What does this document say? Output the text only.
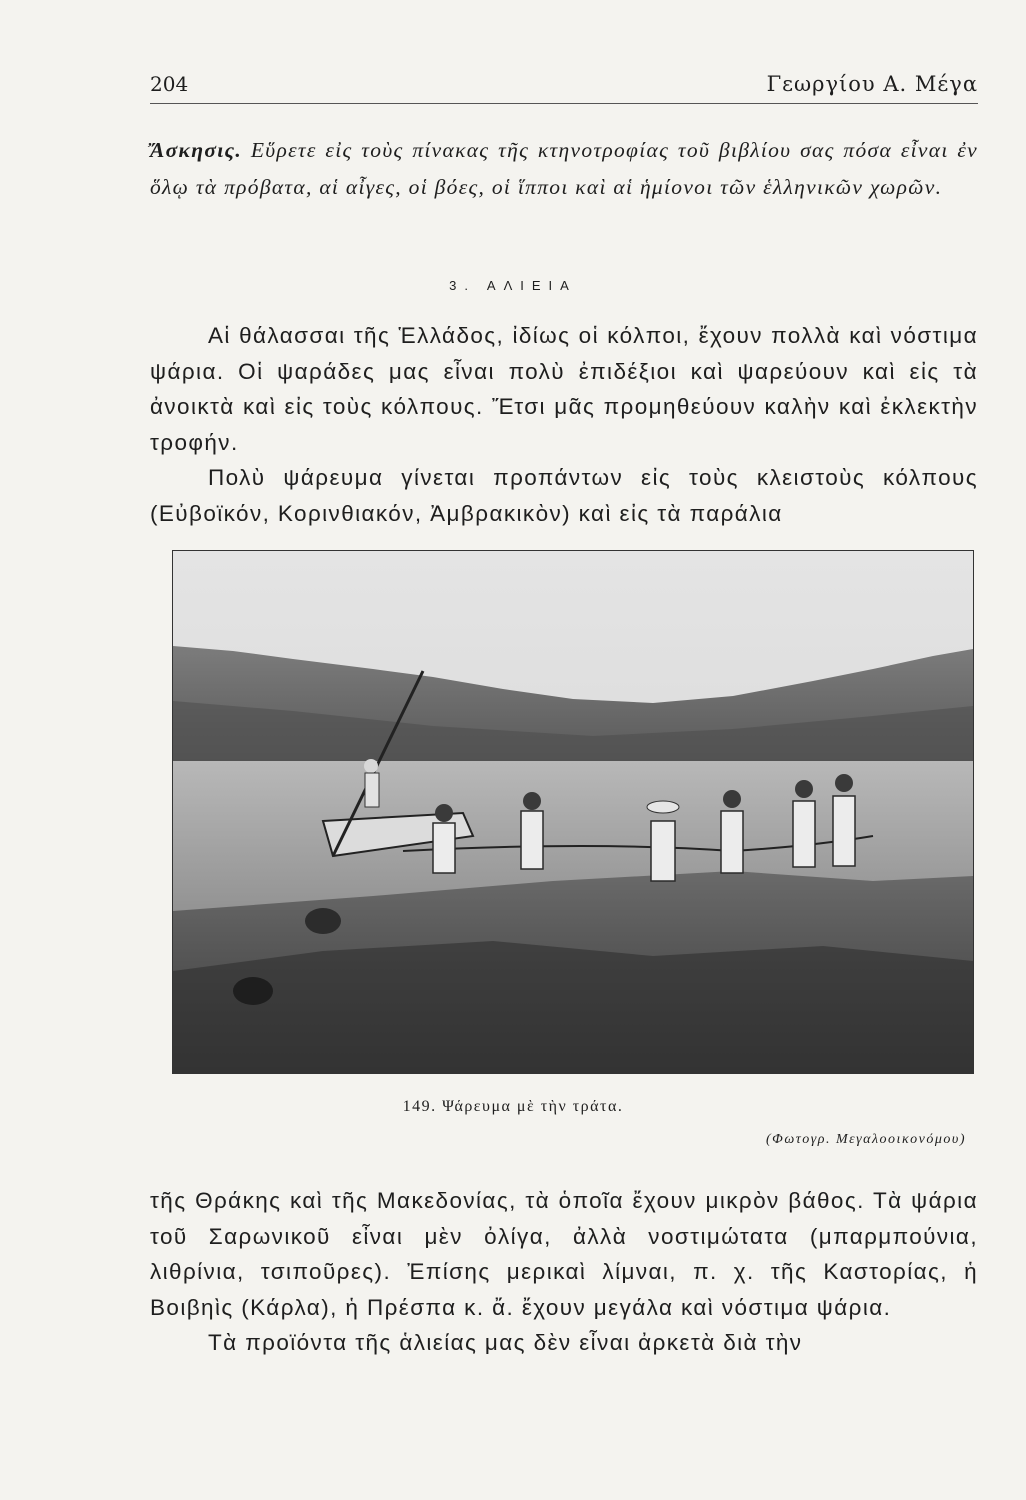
204	Γεωργίου Α. Μέγα
Ἄσκησις. Εὕρετε εἰς τοὺς πίνακας τῆς κτηνοτροφίας τοῦ βιβλίου σας πόσα εἶναι ἐν ὅλῳ τὰ πρόβατα, αἱ αἶγες, οἱ βόες, οἱ ἵπποι καὶ αἱ ἡμίονοι τῶν ἑλληνικῶν χωρῶν.
3. ΑΛΙΕΙΑ

Αἱ θάλασσαι τῆς Ἑλλάδος, ἰδίως οἱ κόλποι, ἔχουν πολλὰ καὶ νόστιμα ψάρια. Οἱ ψαράδες μας εἶναι πολὺ ἐπιδέξιοι καὶ ψαρεύουν καὶ εἰς τὰ ἀνοικτὰ καὶ εἰς τοὺς κόλπους. Ἔτσι μᾶς προμηθεύουν καλὴν καὶ ἐκλεκτὴν τροφήν.

Πολὺ ψάρευμα γίνεται προπάντων εἰς τοὺς κλειστοὺς κόλπους (Εὐβοϊκόν, Κορινθιακόν, Ἀμβρακικὸν) καὶ εἰς τὰ παράλια

149. Ψάρευμα μὲ τὴν τράτα.
(Φωτογρ. Μεγαλοοικονόμου)

τῆς Θράκης καὶ τῆς Μακεδονίας, τὰ ὁποῖα ἔχουν μικρὸν βάθος. Τὰ ψάρια τοῦ Σαρωνικοῦ εἶναι μὲν ὀλίγα, ἀλλὰ νοστιμώτατα (μπαρμπούνια, λιθρίνια, τσιποῦρες). Ἐπίσης μερικαὶ λίμναι, π. χ. τῆς Καστορίας, ἡ Βοιβηὶς (Κάρλα), ἡ Πρέσπα κ. ἄ. ἔχουν μεγάλα καὶ νόστιμα ψάρια.

Τὰ προϊόντα τῆς ἁλιείας μας δὲν εἶναι ἀρκετὰ διὰ τὴν
